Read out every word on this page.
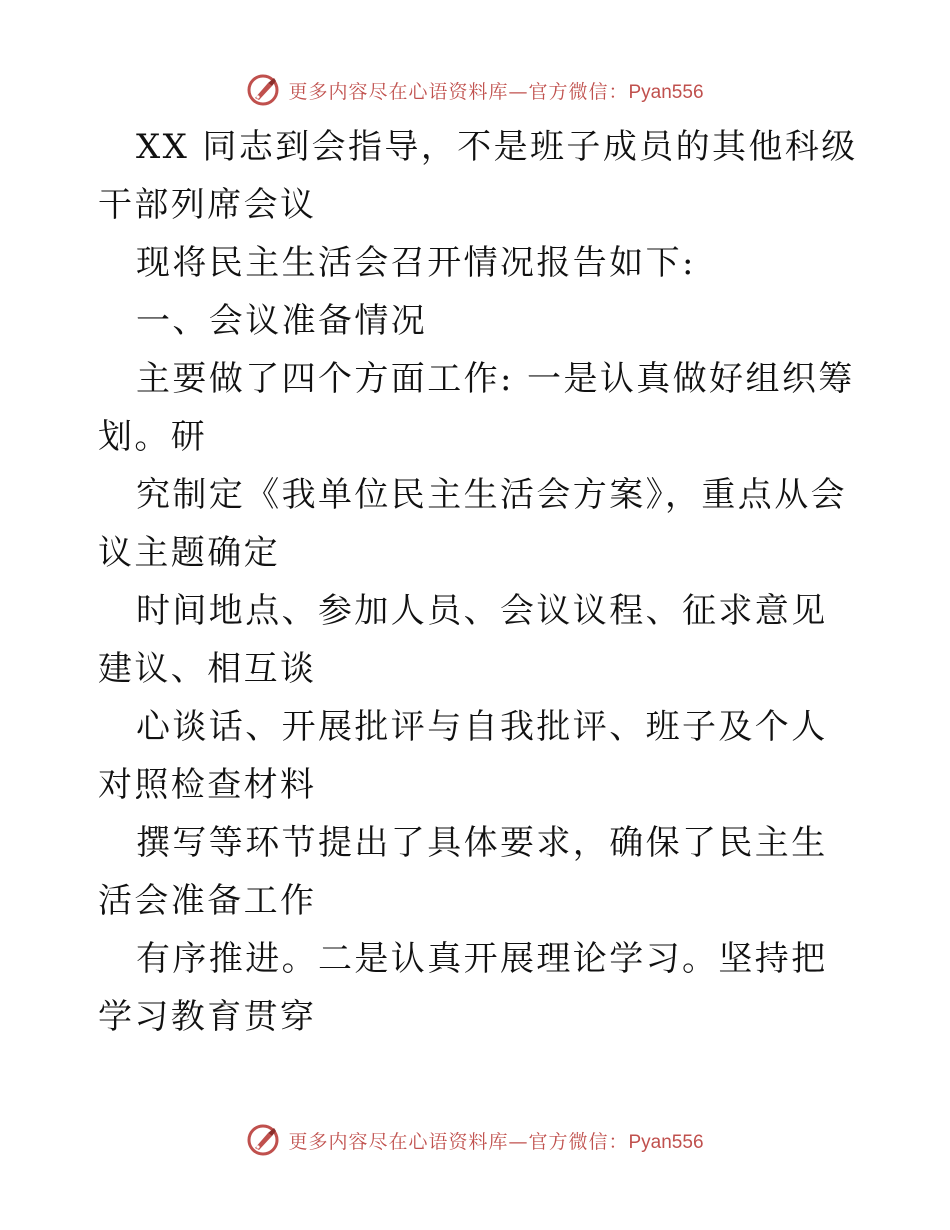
更多内容尽在心语资料库—官方微信：Pyan556

XX 同志到会指导，不是班子成员的其他科级干部列席会议

现将民主生活会召开情况报告如下:

一、会议准备情况

主要做了四个方面工作: 一是认真做好组织筹划。研

究制定《我单位民主生活会方案》，重点从会议主题确定

时间地点、参加人员、会议议程、征求意见建议、相互谈

心谈话、开展批评与自我批评、班子及个人对照检查材料

撰写等环节提出了具体要求，确保了民主生活会准备工作

有序推进。二是认真开展理论学习。坚持把学习教育贯穿

更多内容尽在心语资料库—官方微信：Pyan556
